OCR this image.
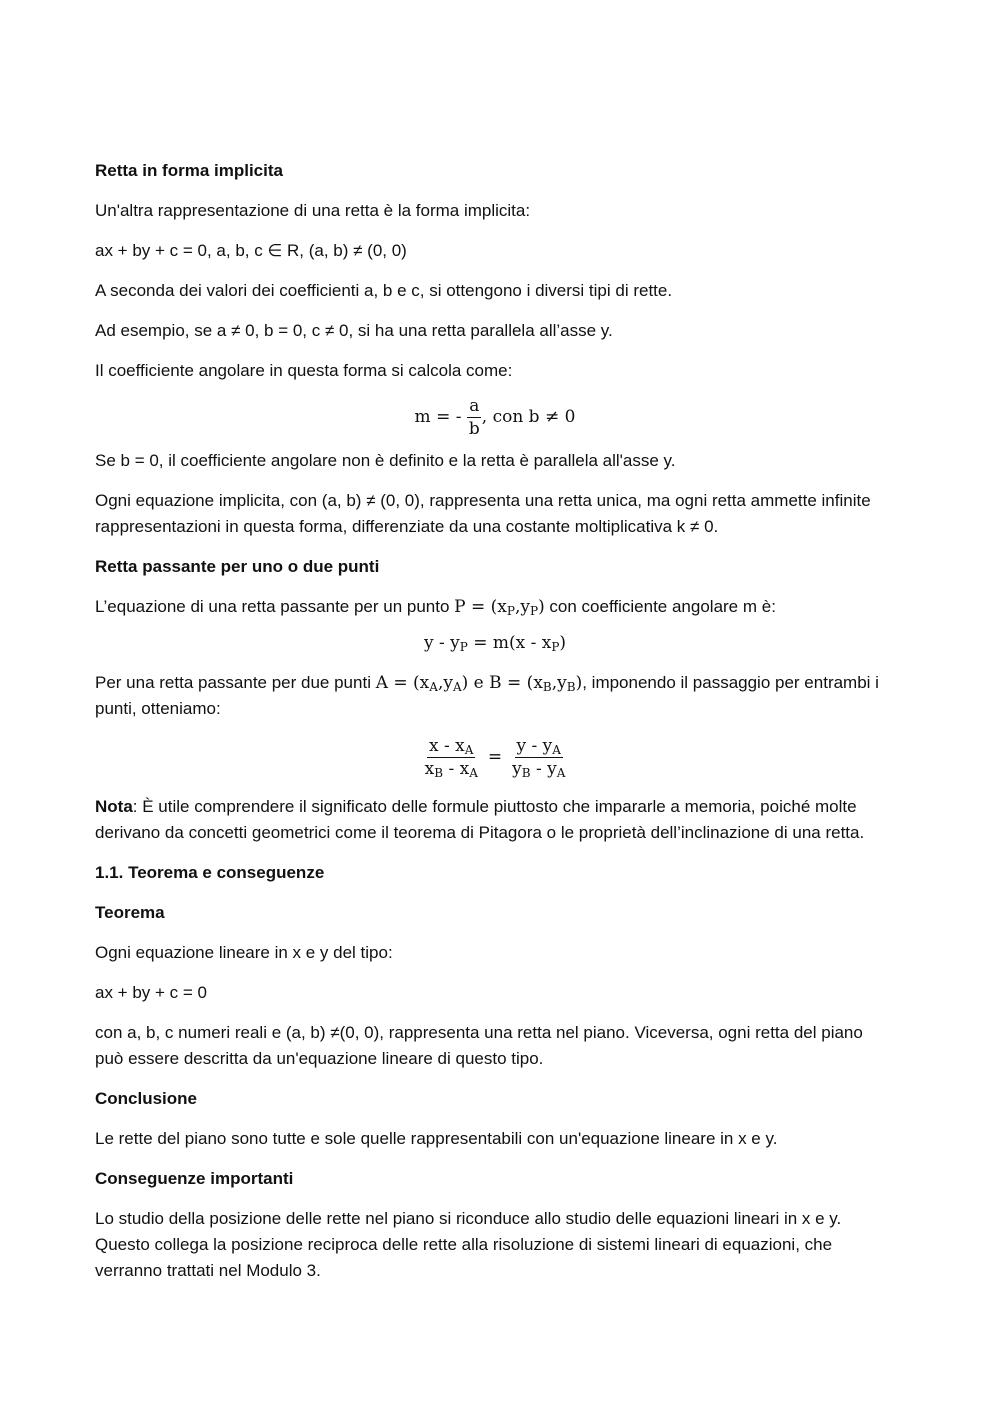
Retta in forma implicita

Un'altra rappresentazione di una retta è la forma implicita:

ax + by + c = 0, a, b, c ∈ R, (a, b) ≠ (0, 0)

A seconda dei valori dei coefficienti a, b e c, si ottengono i diversi tipi di rette.

Ad esempio, se a ≠ 0, b = 0, c ≠ 0, si ha una retta parallela all’asse y.

Il coefficiente angolare in questa forma si calcola come:

m = - $\frac{a}{b}$ , con b ≠ 0

Se b = 0, il coefficiente angolare non è definito e la retta è parallela all'asse y.

Ogni equazione implicita, con (a, b) ≠ (0, 0), rappresenta una retta unica, ma ogni retta ammette infinite rappresentazioni in questa forma, differenziate da una costante moltiplicativa k ≠ 0.

Retta passante per uno o due punti

L’equazione di una retta passante per un punto $P = (x_P,y_P)$ con coefficiente angolare m è:

$y - y_P = m(x - x_P)$

Per una retta passante per due punti $A = (x_A,y_A)$ e $B = (x_B,y_B)$, imponendo il passaggio per entrambi i punti, otteniamo:

$\frac{x - x_A}{x_B - x_A} = \frac{y - y_A}{y_B - y_A}$

Nota: È utile comprendere il significato delle formule piuttosto che impararle a memoria, poiché molte derivano da concetti geometrici come il teorema di Pitagora o le proprietà dell’inclinazione di una retta.

1.1. Teorema e conseguenze

Teorema

Ogni equazione lineare in x e y del tipo:

ax + by + c = 0

con a, b, c numeri reali e (a, b) ≠(0, 0), rappresenta una retta nel piano. Viceversa, ogni retta del piano può essere descritta da un'equazione lineare di questo tipo.

Conclusione

Le rette del piano sono tutte e sole quelle rappresentabili con un'equazione lineare in x e y.

Conseguenze importanti

Lo studio della posizione delle rette nel piano si riconduce allo studio delle equazioni lineari in x e y. Questo collega la posizione reciproca delle rette alla risoluzione di sistemi lineari di equazioni, che verranno trattati nel Modulo 3.
